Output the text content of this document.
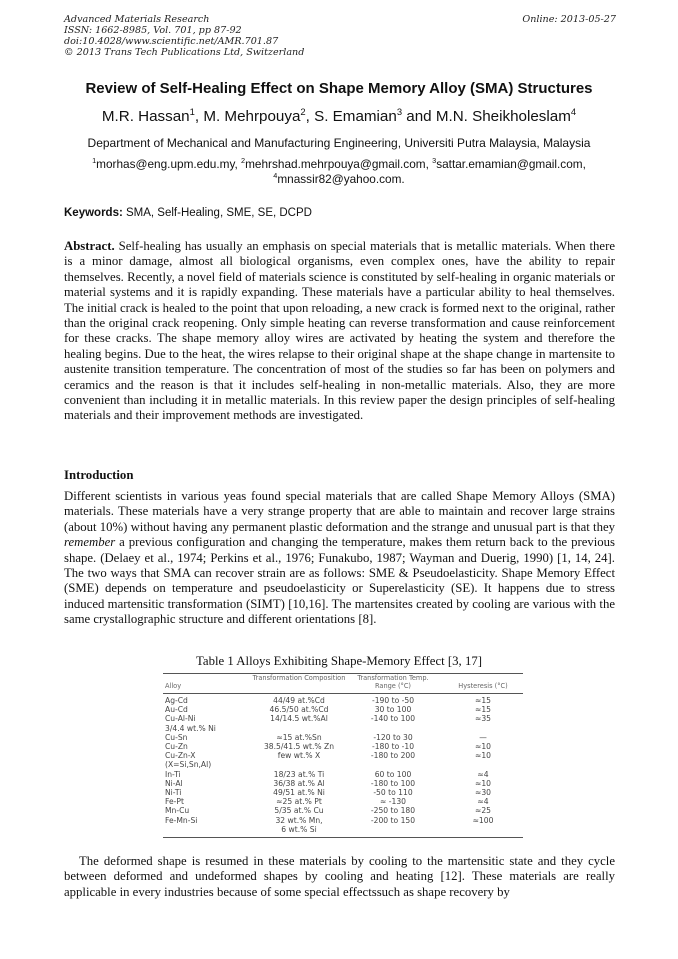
Advanced Materials Research
ISSN: 1662-8985, Vol. 701, pp 87-92
doi:10.4028/www.scientific.net/AMR.701.87
© 2013 Trans Tech Publications Ltd, Switzerland
Online: 2013-05-27
Review of Self-Healing Effect on Shape Memory Alloy (SMA) Structures
M.R. Hassan$^1$, M. Mehrpouya$^2$, S. Emamian$^3$ and M.N. Sheikholeslam$^4$
Department of Mechanical and Manufacturing Engineering, Universiti Putra Malaysia, Malaysia
$^1$morhas@eng.upm.edu.my, $^2$mehrshad.mehrpouya@gmail.com, $^3$sattar.emamian@gmail.com,
$^4$mnassir82@yahoo.com.
Keywords: SMA, Self-Healing, SME, SE, DCPD
Abstract. Self-healing has usually an emphasis on special materials that is metallic materials. When there is a minor damage, almost all biological organisms, even complex ones, have the ability to repair themselves. Recently, a novel field of materials science is constituted by self-healing in organic materials or material systems and it is rapidly expanding. These materials have a particular ability to heal themselves. The initial crack is healed to the point that upon reloading, a new crack is formed next to the original, rather than the original crack reopening. Only simple heating can reverse transformation and cause reinforcement for these cracks. The shape memory alloy wires are activated by heating the system and therefore the healing begins. Due to the heat, the wires relapse to their original shape at the shape change in martensite to austenite transition temperature. The concentration of most of the studies so far has been on polymers and ceramics and the reason is that it includes self-healing in non-metallic materials. Also, they are more convenient than including it in metallic materials. In this review paper the design principles of self-healing materials and their improvement methods are investigated.
Introduction
Different scientists in various yeas found special materials that are called Shape Memory Alloys (SMA) materials. These materials have a very strange property that are able to maintain and recover large strains (about 10%) without having any permanent plastic deformation and the strange and unusual part is that they remember a previous configuration and changing the temperature, makes them return back to the previous shape. (Delaey et al., 1974; Perkins et al., 1976; Funakubo, 1987; Wayman and Duerig, 1990) [1, 14, 24]. The two ways that SMA can recover strain are as follows: SME & Pseudoelasticity. Shape Memory Effect (SME) depends on temperature and pseudoelasticity or Superelasticity (SE). It happens due to stress induced martensitic transformation (SIMT) [10,16]. The martensites created by cooling are various with the same crystallographic structure and different orientations [8].
Table 1 Alloys Exhibiting Shape-Memory Effect [3, 17]
Alloy
Transformation Composition	Transformation Temp. Range (°C)	Hysteresis (°C)
Ag-Cd	44/49 at.%Cd	-190 to -50	≈15
Au-Cd	46.5/50 at.%Cd	30 to 100	≈15
Cu-Al-Ni	14/14.5 wt.%Al	-140 to 100	≈35
3/4.4 wt.% Ni
Cu-Sn	≈15 at.%Sn	-120 to 30	—
Cu-Zn	38.5/41.5 wt.% Zn	-180 to -10	≈10
Cu-Zn-X	few wt.% X	-180 to 200	≈10
(X=Si,Sn,Al)
In-Ti	18/23 at.% Ti	60 to 100	≈4
Ni-Al	36/38 at.% Al	-180 to 100	≈10
Ni-Ti	49/51 at.% Ni	-50 to 110	≈30
Fe-Pt	≈25 at.% Pt	≈ -130	≈4
Mn-Cu	5/35 at.% Cu	-250 to 180	≈25
Fe-Mn-Si	32 wt.% Mn,	-200 to 150	≈100
6 wt.% Si
The deformed shape is resumed in these materials by cooling to the martensitic state and they cycle between deformed and undeformed shapes by cooling and heating [12]. These materials are really applicable in every industries because of some special effectssuch as shape recovery by
